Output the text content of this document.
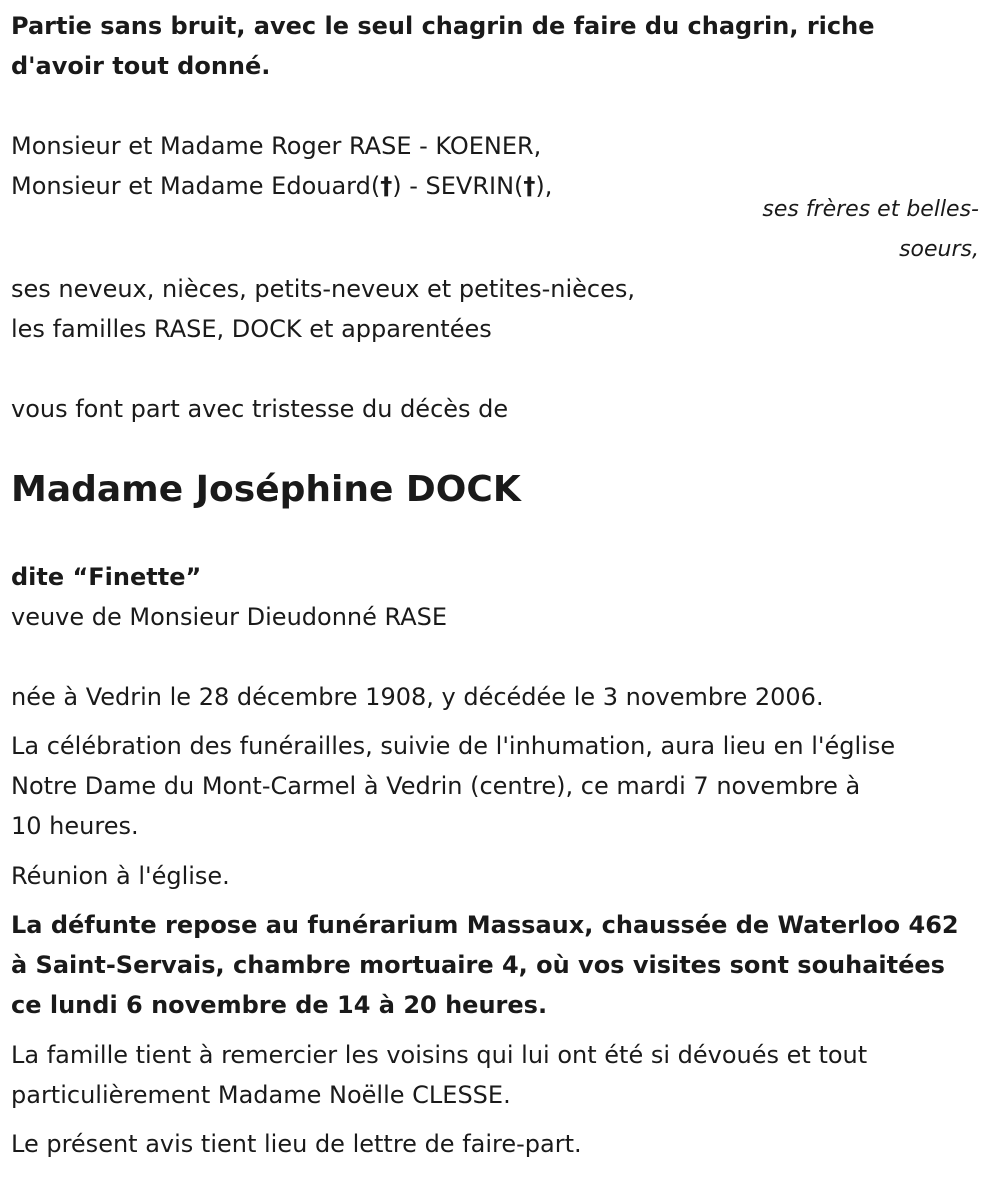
Partie sans bruit, avec le seul chagrin de faire du chagrin, riche

d'avoir tout donné.

Monsieur et Madame Roger RASE - KOENER,

Monsieur et Madame Edouard(†) - SEVRIN(†),

ses frères et belles-

soeurs,

ses neveux, nièces, petits-neveux et petites-nièces,

les familles RASE, DOCK et apparentées

vous font part avec tristesse du décès de

Madame Joséphine DOCK

dite “Finette”

veuve de Monsieur Dieudonné RASE

née à Vedrin le 28 décembre 1908, y décédée le 3 novembre 2006.

La célébration des funérailles, suivie de l'inhumation, aura lieu en l'église

Notre Dame du Mont-Carmel à Vedrin (centre), ce mardi 7 novembre à

10 heures.

Réunion à l'église.

La défunte repose au funérarium Massaux, chaussée de Waterloo 462

à Saint-Servais, chambre mortuaire 4, où vos visites sont souhaitées

ce lundi 6 novembre de 14 à 20 heures.

La famille tient à remercier les voisins qui lui ont été si dévoués et tout

particulièrement Madame Noëlle CLESSE.

Le présent avis tient lieu de lettre de faire-part.
